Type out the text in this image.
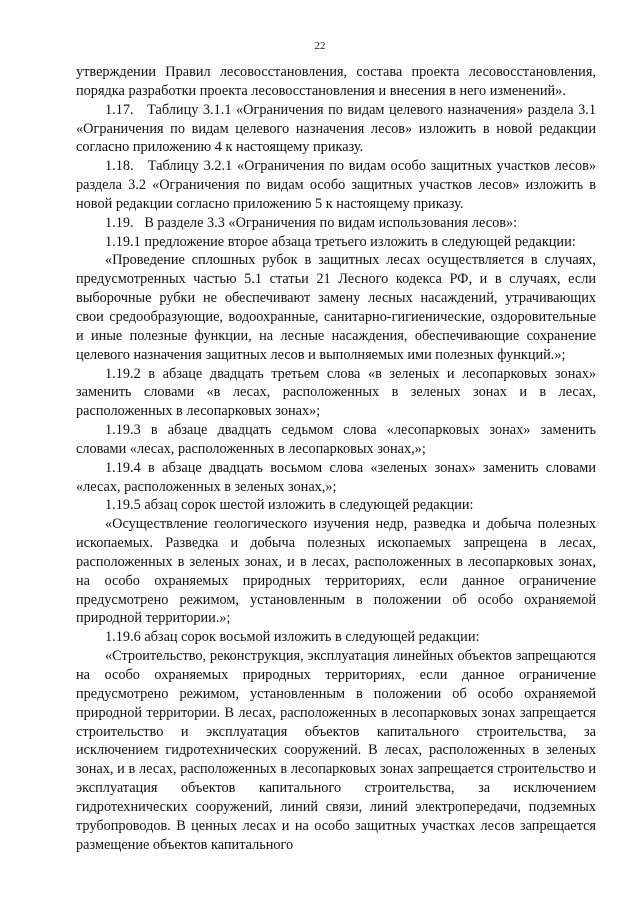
22

утверждении Правил лесовосстановления, состава проекта лесовосстановления, порядка разработки проекта лесовосстановления и внесения в него изменений».

1.17.   Таблицу 3.1.1 «Ограничения по видам целевого назначения» раздела 3.1 «Ограничения по видам целевого назначения лесов» изложить в новой редакции согласно приложению 4 к настоящему приказу.

1.18.   Таблицу 3.2.1 «Ограничения по видам особо защитных участков лесов» раздела 3.2 «Ограничения по видам особо защитных участков лесов» изложить в новой редакции согласно приложению 5 к настоящему приказу.

1.19.   В разделе 3.3 «Ограничения по видам использования лесов»:

1.19.1 предложение второе абзаца третьего изложить в следующей редакции:

«Проведение сплошных рубок в защитных лесах осуществляется в случаях, предусмотренных частью 5.1 статьи 21 Лесного кодекса РФ, и в случаях, если выборочные рубки не обеспечивают замену лесных насаждений, утрачивающих свои средообразующие, водоохранные, санитарно-гигиенические, оздоровительные и иные полезные функции, на лесные насаждения, обеспечивающие сохранение целевого назначения защитных лесов и выполняемых ими полезных функций.»;

1.19.2 в абзаце двадцать третьем слова «в зеленых и лесопарковых зонах» заменить словами «в лесах, расположенных в зеленых зонах и в лесах, расположенных в лесопарковых зонах»;

1.19.3 в абзаце двадцать седьмом слова «лесопарковых зонах» заменить словами «лесах, расположенных в лесопарковых зонах,»;

1.19.4 в абзаце двадцать восьмом слова «зеленых зонах» заменить словами «лесах, расположенных в зеленых зонах,»;

1.19.5 абзац сорок шестой изложить в следующей редакции:

«Осуществление геологического изучения недр, разведка и добыча полезных ископаемых. Разведка и добыча полезных ископаемых запрещена в лесах, расположенных в зеленых зонах, и в лесах, расположенных в лесопарковых зонах, на особо охраняемых природных территориях, если данное ограничение предусмотрено режимом, установленным в положении об особо охраняемой природной территории.»;

1.19.6 абзац сорок восьмой изложить в следующей редакции:

«Строительство, реконструкция, эксплуатация линейных объектов запрещаются на особо охраняемых природных территориях, если данное ограничение предусмотрено режимом, установленным в положении об особо охраняемой природной территории. В лесах, расположенных в лесопарковых зонах запрещается строительство и эксплуатация объектов капитального строительства, за исключением гидротехнических сооружений. В лесах, расположенных в зеленых зонах, и в лесах, расположенных в лесопарковых зонах запрещается строительство и эксплуатация объектов капитального строительства, за исключением гидротехнических сооружений, линий связи, линий электропередачи, подземных трубопроводов. В ценных лесах и на особо защитных участках лесов запрещается размещение объектов капитального
